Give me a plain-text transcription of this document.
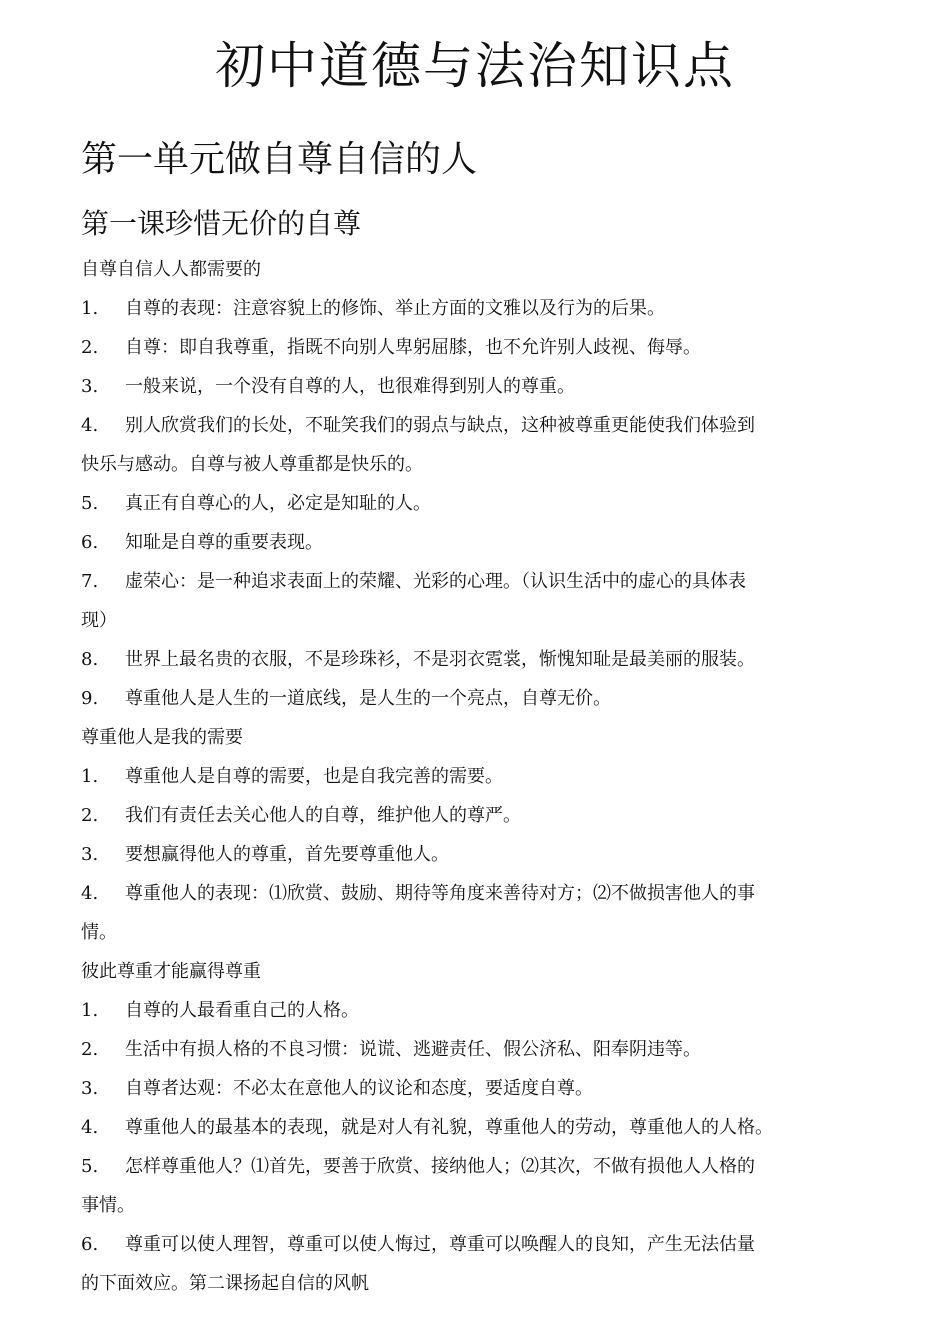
初中道德与法治知识点
第一单元做自尊自信的人
第一课珍惜无价的自尊
自尊自信人人都需要的
1. 自尊的表现：注意容貌上的修饰、举止方面的文雅以及行为的后果。
2. 自尊：即自我尊重，指既不向别人卑躬屈膝，也不允许别人歧视、侮辱。
3. 一般来说，一个没有自尊的人，也很难得到别人的尊重。
4. 别人欣赏我们的长处，不耻笑我们的弱点与缺点，这种被尊重更能使我们体验到
快乐与感动。自尊与被人尊重都是快乐的。
5. 真正有自尊心的人，必定是知耻的人。
6. 知耻是自尊的重要表现。
7. 虚荣心：是一种追求表面上的荣耀、光彩的心理。（认识生活中的虚心的具体表
现）
8. 世界上最名贵的衣服，不是珍珠衫，不是羽衣霓裳，惭愧知耻是最美丽的服装。
9. 尊重他人是人生的一道底线，是人生的一个亮点，自尊无价。
尊重他人是我的需要
1. 尊重他人是自尊的需要，也是自我完善的需要。
2. 我们有责任去关心他人的自尊，维护他人的尊严。
3. 要想赢得他人的尊重，首先要尊重他人。
4. 尊重他人的表现：⑴欣赏、鼓励、期待等角度来善待对方；⑵不做损害他人的事
情。
彼此尊重才能赢得尊重
1. 自尊的人最看重自己的人格。
2. 生活中有损人格的不良习惯：说谎、逃避责任、假公济私、阳奉阴违等。
3. 自尊者达观：不必太在意他人的议论和态度，要适度自尊。
4. 尊重他人的最基本的表现，就是对人有礼貌，尊重他人的劳动，尊重他人的人格。
5. 怎样尊重他人？⑴首先，要善于欣赏、接纳他人；⑵其次，不做有损他人人格的
事情。
6. 尊重可以使人理智，尊重可以使人悔过，尊重可以唤醒人的良知，产生无法估量
的下面效应。第二课扬起自信的风帆
